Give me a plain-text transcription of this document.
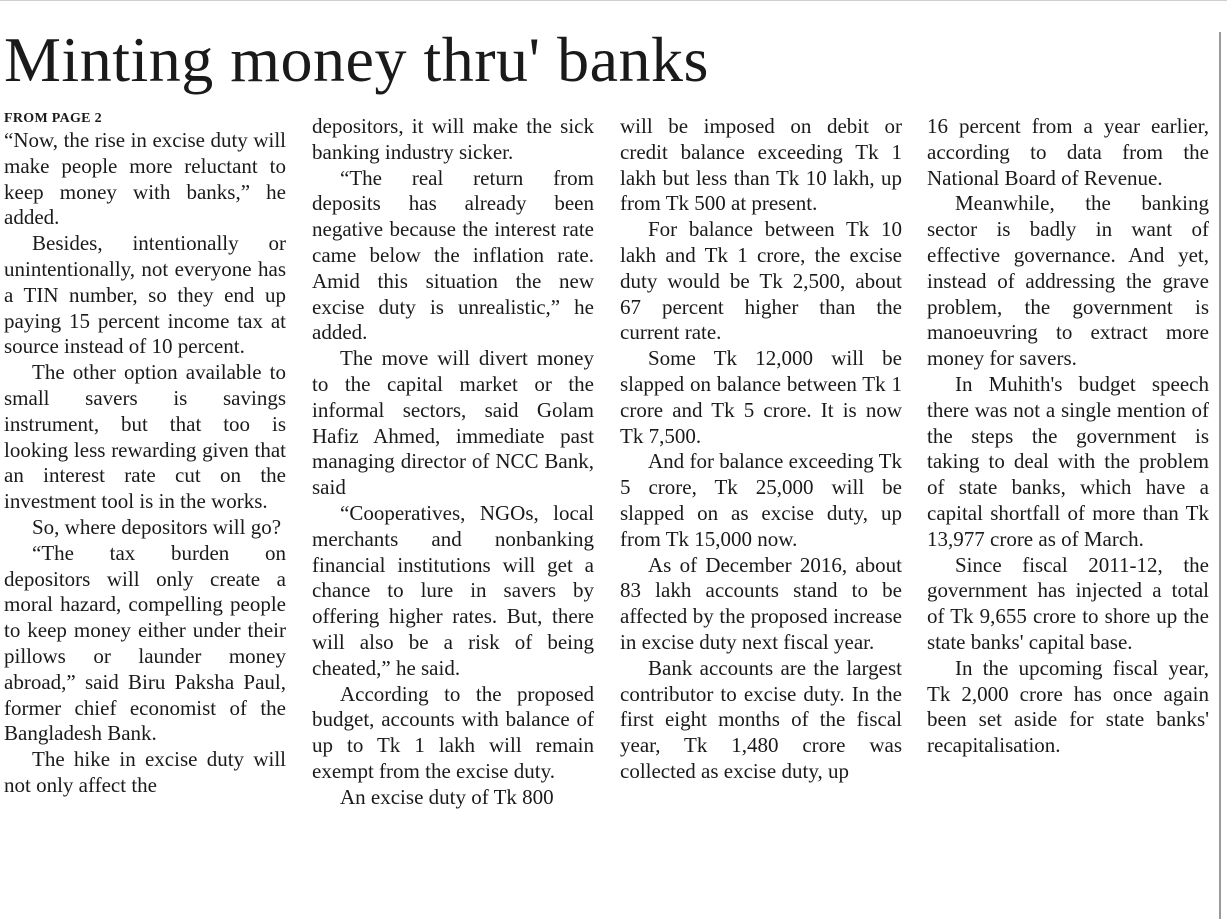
Minting money thru' banks
FROM PAGE 2

“Now, the rise in excise duty will make people more reluctant to keep money with banks,” he added.

Besides, intentionally or unintentionally, not everyone has a TIN number, so they end up paying 15 percent income tax at source instead of 10 percent.

The other option available to small savers is savings instrument, but that too is looking less rewarding given that an interest rate cut on the investment tool is in the works.

So, where depositors will go?

“The tax burden on depositors will only create a moral hazard, compelling people to keep money either under their pillows or launder money abroad,” said Biru Paksha Paul, former chief economist of the Bangladesh Bank.

The hike in excise duty will not only affect the

depositors, it will make the sick banking industry sicker.

“The real return from deposits has already been negative because the interest rate came below the inflation rate. Amid this situation the new excise duty is unrealistic,” he added.

The move will divert money to the capital market or the informal sectors, said Golam Hafiz Ahmed, immediate past managing director of NCC Bank, said

“Cooperatives, NGOs, local merchants and nonbanking financial institutions will get a chance to lure in savers by offering higher rates. But, there will also be a risk of being cheated,” he said.

According to the proposed budget, accounts with balance of up to Tk 1 lakh will remain exempt from the excise duty.

An excise duty of Tk 800

will be imposed on debit or credit balance exceeding Tk 1 lakh but less than Tk 10 lakh, up from Tk 500 at present.

For balance between Tk 10 lakh and Tk 1 crore, the excise duty would be Tk 2,500, about 67 percent higher than the current rate.

Some Tk 12,000 will be slapped on balance between Tk 1 crore and Tk 5 crore. It is now Tk 7,500.

And for balance exceeding Tk 5 crore, Tk 25,000 will be slapped on as excise duty, up from Tk 15,000 now.

As of December 2016, about 83 lakh accounts stand to be affected by the proposed increase in excise duty next fiscal year.

Bank accounts are the largest contributor to excise duty. In the first eight months of the fiscal year, Tk 1,480 crore was collected as excise duty, up

16 percent from a year earlier, according to data from the National Board of Revenue.

Meanwhile, the banking sector is badly in want of effective governance. And yet, instead of addressing the grave problem, the government is manoeuvring to extract more money for savers.

In Muhith's budget speech there was not a single mention of the steps the government is taking to deal with the problem of state banks, which have a capital shortfall of more than Tk 13,977 crore as of March.

Since fiscal 2011-12, the government has injected a total of Tk 9,655 crore to shore up the state banks' capital base.

In the upcoming fiscal year, Tk 2,000 crore has once again been set aside for state banks' recapitalisation.
